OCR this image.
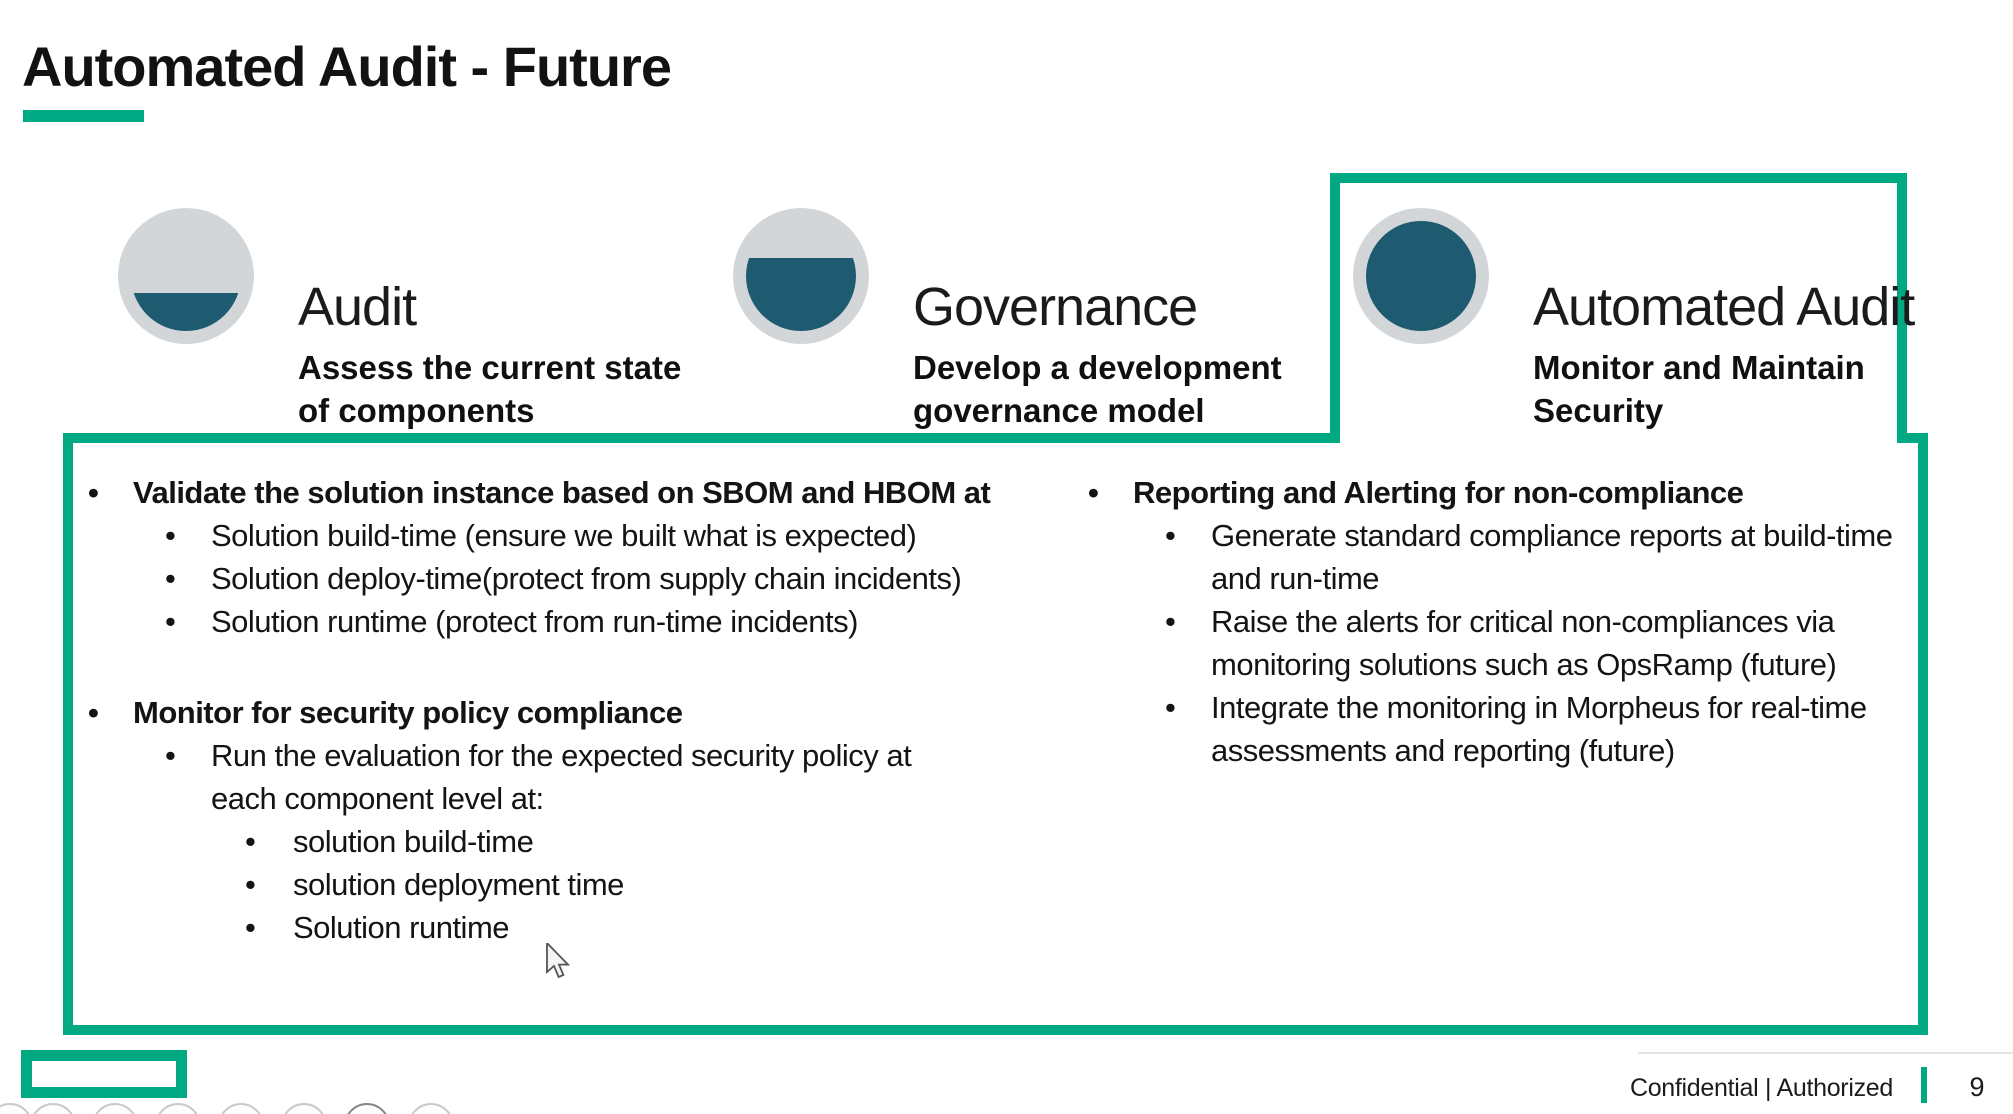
Automated Audit - Future
Audit
Assess the current state
of components
Governance
Develop a development
governance model
Automated Audit
Monitor and Maintain
Security
• Validate the solution instance based on SBOM and HBOM at
• Solution build-time (ensure we built what is expected)
• Solution deploy-time(protect from supply chain incidents)
• Solution runtime (protect from run-time incidents)
• Monitor for security policy compliance
• Run the evaluation for the expected security policy at
each component level at:
• solution build-time
• solution deployment time
• Solution runtime
• Reporting and Alerting for non-compliance
• Generate standard compliance reports at build-time
and run-time
• Raise the alerts for critical non-compliances via
monitoring solutions such as OpsRamp (future)
• Integrate the monitoring in Morpheus for real-time
assessments and reporting (future)
Confidential | Authorized	9
